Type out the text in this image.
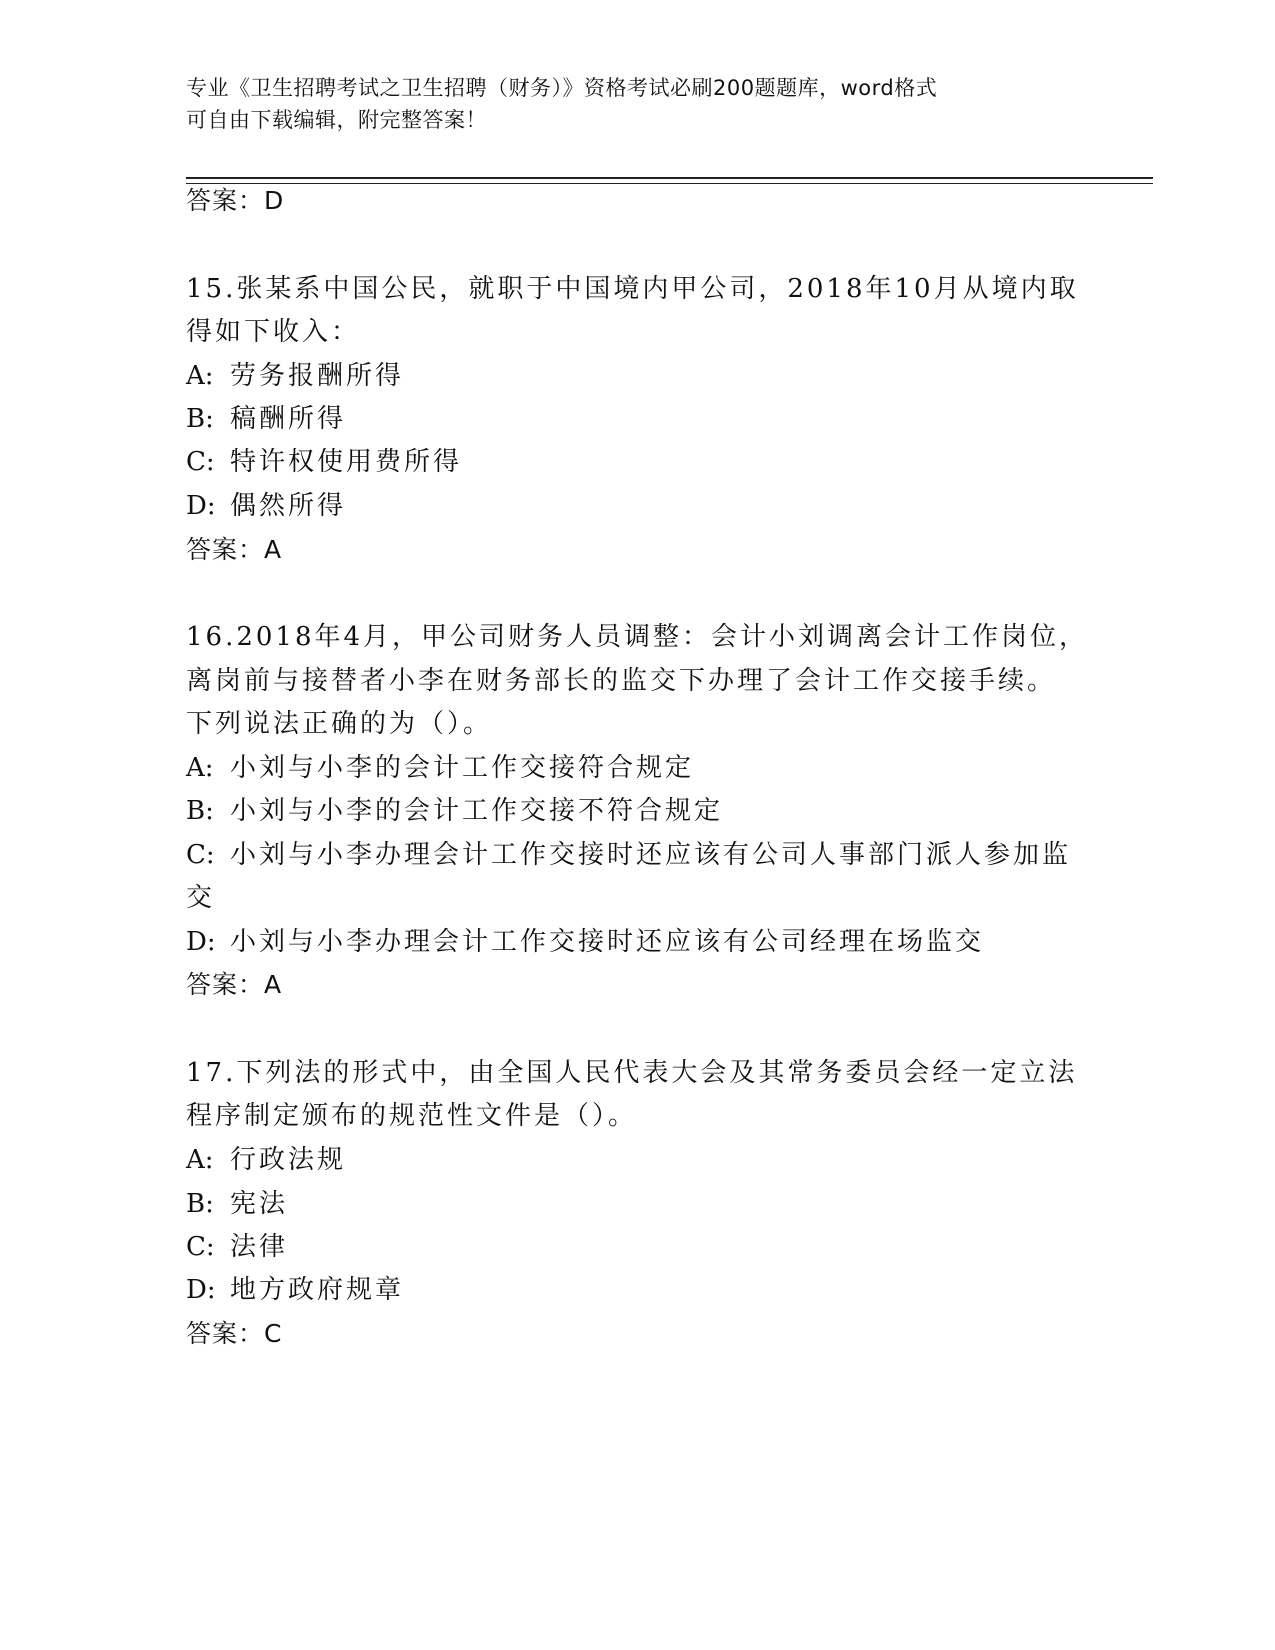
专业《卫生招聘考试之卫生招聘（财务）》资格考试必刷200题题库，word格式
可自由下载编辑，附完整答案！
答案：D
15.张某系中国公民，就职于中国境内甲公司，2018年10月从境内取
得如下收入：
A: 劳务报酬所得
B: 稿酬所得
C: 特许权使用费所得
D: 偶然所得
答案：A
16.2018年4月，甲公司财务人员调整：会计小刘调离会计工作岗位，
离岗前与接替者小李在财务部长的监交下办理了会计工作交接手续。
下列说法正确的为（）。
A: 小刘与小李的会计工作交接符合规定
B: 小刘与小李的会计工作交接不符合规定
C: 小刘与小李办理会计工作交接时还应该有公司人事部门派人参加监
交
D: 小刘与小李办理会计工作交接时还应该有公司经理在场监交
答案：A
17.下列法的形式中，由全国人民代表大会及其常务委员会经一定立法
程序制定颁布的规范性文件是（）。
A: 行政法规
B: 宪法
C: 法律
D: 地方政府规章
答案：C
